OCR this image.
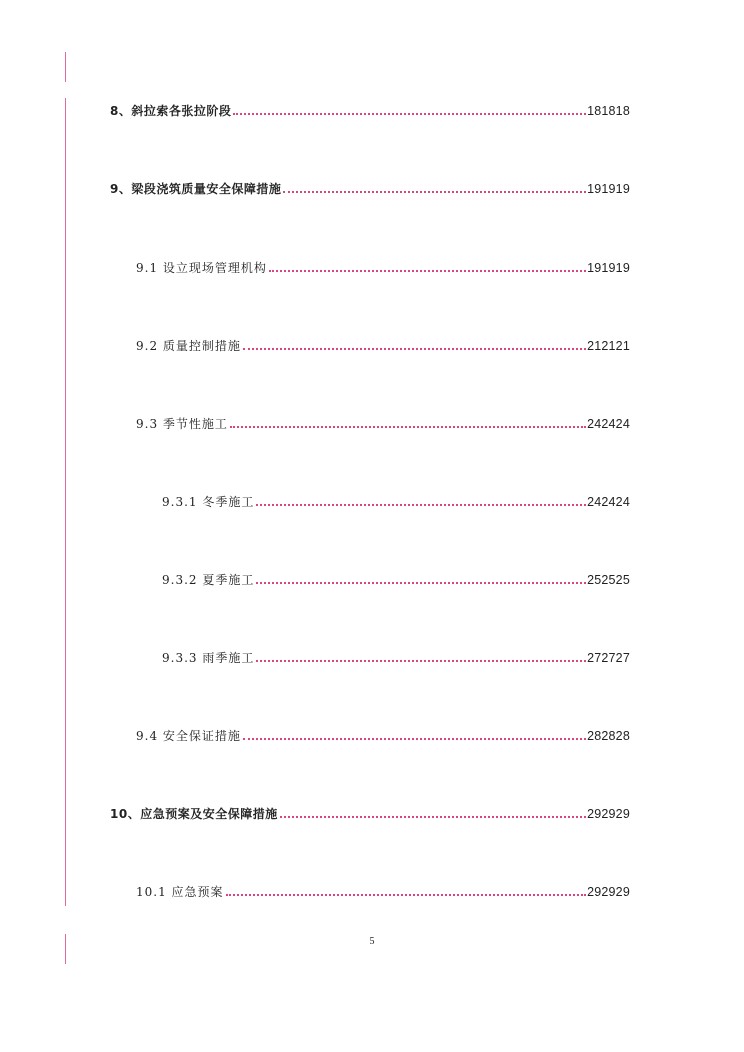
8、斜拉索各张拉阶段	181818
9、梁段浇筑质量安全保障措施	191919
9.1 设立现场管理机构	191919
9.2 质量控制措施	212121
9.3 季节性施工	242424
9.3.1 冬季施工	242424
9.3.2 夏季施工	252525
9.3.3 雨季施工	272727
9.4 安全保证措施	282828
10、应急预案及安全保障措施	292929
10.1 应急预案	292929
5
